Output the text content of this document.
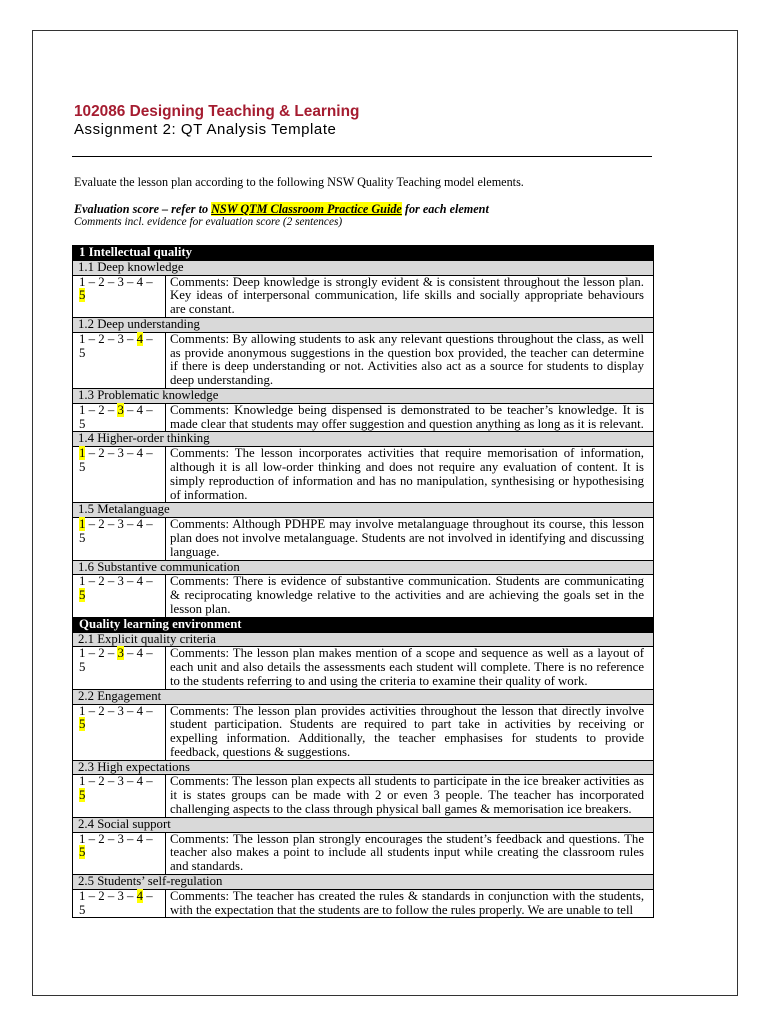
102086 Designing Teaching & Learning
Assignment 2: QT Analysis Template
Evaluate the lesson plan according to the following NSW Quality Teaching model elements.
Evaluation score – refer to NSW QTM Classroom Practice Guide for each element
Comments incl. evidence for evaluation score (2 sentences)
1 Intellectual quality	
1.1 Deep knowledge	
1 – 2 – 3 – 4 – 5	Comments: Deep knowledge is strongly evident & is consistent throughout the lesson plan. Key ideas of interpersonal communication, life skills and socially appropriate behaviours are constant.
1.2 Deep understanding	
1 – 2 – 3 – 4 – 5	Comments: By allowing students to ask any relevant questions throughout the class, as well as provide anonymous suggestions in the question box provided, the teacher can determine if there is deep understanding or not. Activities also act as a source for students to display deep understanding.
1.3 Problematic knowledge	
1 – 2 – 3 – 4 – 5	Comments: Knowledge being dispensed is demonstrated to be teacher’s knowledge. It is made clear that students may offer suggestion and question anything as long as it is relevant.
1.4 Higher-order thinking	
1 – 2 – 3 – 4 – 5	Comments: The lesson incorporates activities that require memorisation of information, although it is all low-order thinking and does not require any evaluation of content. It is simply reproduction of information and has no manipulation, synthesising or hypothesising of information.
1.5 Metalanguage	
1 – 2 – 3 – 4 – 5	Comments: Although PDHPE may involve metalanguage throughout its course, this lesson plan does not involve metalanguage. Students are not involved in identifying and discussing language.
1.6 Substantive communication	
1 – 2 – 3 – 4 – 5	Comments: There is evidence of substantive communication. Students are communicating & reciprocating knowledge relative to the activities and are achieving the goals set in the lesson plan.
Quality learning environment	
2.1 Explicit quality criteria	
1 – 2 – 3 – 4 – 5	Comments: The lesson plan makes mention of a scope and sequence as well as a layout of each unit and also details the assessments each student will complete. There is no reference to the students referring to and using the criteria to examine their quality of work.
2.2 Engagement	
1 – 2 – 3 – 4 – 5	Comments: The lesson plan provides activities throughout the lesson that directly involve student participation. Students are required to part take in activities by receiving or expelling information. Additionally, the teacher emphasises for students to provide feedback, questions & suggestions.
2.3 High expectations	
1 – 2 – 3 – 4 – 5	Comments: The lesson plan expects all students to participate in the ice breaker activities as it is states groups can be made with 2 or even 3 people. The teacher has incorporated challenging aspects to the class through physical ball games & memorisation ice breakers.
2.4 Social support	
1 – 2 – 3 – 4 – 5	Comments: The lesson plan strongly encourages the student’s feedback and questions. The teacher also makes a point to include all students input while creating the classroom rules and standards.
2.5 Students’ self-regulation	
1 – 2 – 3 – 4 – 5	Comments: The teacher has created the rules & standards in conjunction with the students, with the expectation that the students are to follow the rules properly. We are unable to tell
